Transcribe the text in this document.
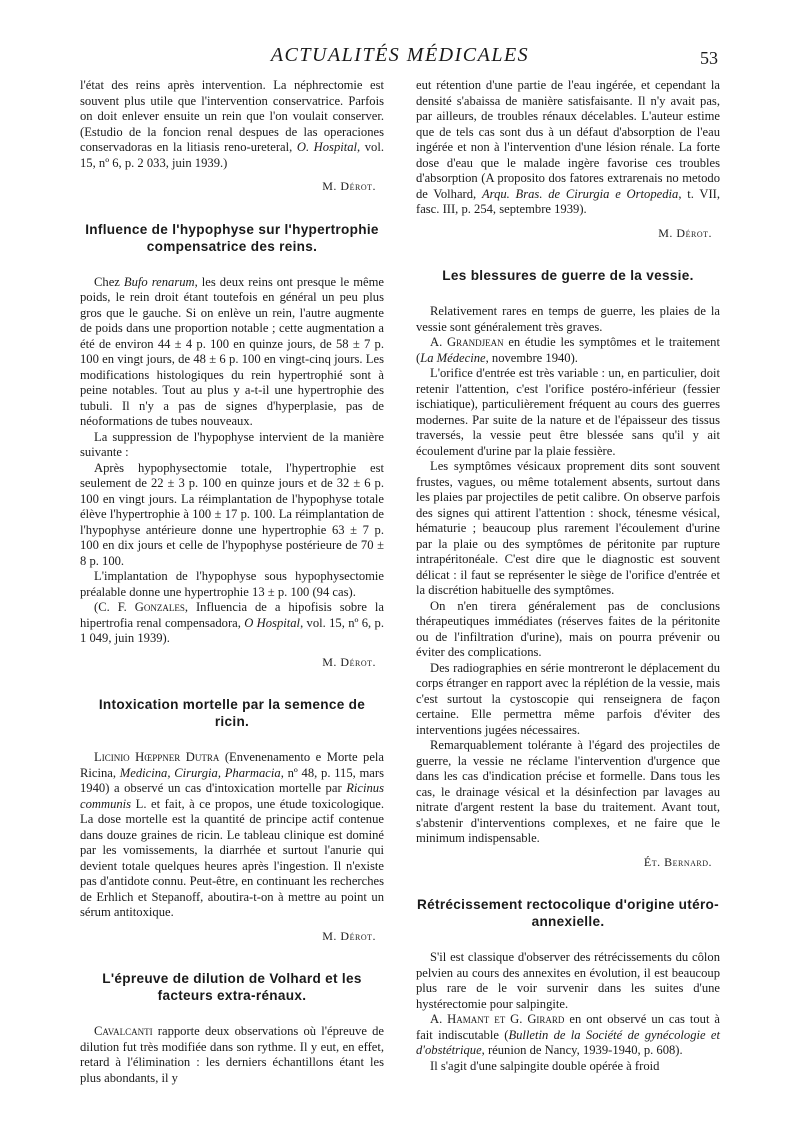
ACTUALITÉS MÉDICALES	53

l'état des reins après intervention. La néphrectomie est souvent plus utile que l'intervention conservatrice. Parfois on doit enlever ensuite un rein que l'on voulait conserver. (Estudio de la foncion renal despues de las operaciones conservadoras en la litiasis reno-ureteral, O. Hospital, vol. 15, nº 6, p. 2 033, juin 1939.)

M. Dérot.
Influence de l'hypophyse sur l'hypertrophie compensatrice des reins.

Chez Bufo renarum, les deux reins ont presque le même poids, le rein droit étant toutefois en général un peu plus gros que le gauche. Si on enlève un rein, l'autre augmente de poids dans une proportion notable ; cette augmentation a été de environ 44 ± 4 p. 100 en quinze jours, de 58 ± 7 p. 100 en vingt jours, de 48 ± 6 p. 100 en vingt-cinq jours. Les modifications histologiques du rein hypertrophié sont à peine notables. Tout au plus y a-t-il une hypertrophie des tubuli. Il n'y a pas de signes d'hyperplasie, pas de néoformations de tubes nouveaux.

La suppression de l'hypophyse intervient de la manière suivante :

Après hypophysectomie totale, l'hypertrophie est seulement de 22 ± 3 p. 100 en quinze jours et de 32 ± 6 p. 100 en vingt jours. La réimplantation de l'hypophyse totale élève l'hypertrophie à 100 ± 17 p. 100. La réimplantation de l'hypophyse antérieure donne une hypertrophie 63 ± 7 p. 100 en dix jours et celle de l'hypophyse postérieure de 70 ± 8 p. 100.

L'implantation de l'hypophyse sous hypophysectomie préalable donne une hypertrophie 13 ± p. 100 (94 cas).

(C. F. Gonzales, Influencia de a hipofisis sobre la hipertrofia renal compensadora, O Hospital, vol. 15, nº 6, p. 1 049, juin 1939).

M. Dérot.
Intoxication mortelle par la semence de ricin.

Licinio Hœppner Dutra (Envenenamento e Morte pela Ricina, Medicina, Cirurgia, Pharmacia, nº 48, p. 115, mars 1940) a observé un cas d'intoxication mortelle par Ricinus communis L. et fait, à ce propos, une étude toxicologique. La dose mortelle est la quantité de principe actif contenue dans douze graines de ricin. Le tableau clinique est dominé par les vomissements, la diarrhée et surtout l'anurie qui devient totale quelques heures après l'ingestion. Il n'existe pas d'antidote connu. Peut-être, en continuant les recherches de Erhlich et Stepanoff, aboutira-t-on à mettre au point un sérum antitoxique.

M. Dérot.
L'épreuve de dilution de Volhard et les facteurs extra-rénaux.

Cavalcanti rapporte deux observations où l'épreuve de dilution fut très modifiée dans son rythme. Il y eut, en effet, retard à l'élimination : les derniers échantillons étant les plus abondants, il y

eut rétention d'une partie de l'eau ingérée, et cependant la densité s'abaissa de manière satisfaisante. Il n'y avait pas, par ailleurs, de troubles rénaux décelables. L'auteur estime que de tels cas sont dus à un défaut d'absorption de l'eau ingérée et non à l'intervention d'une lésion rénale. La forte dose d'eau que le malade ingère favorise ces troubles d'absorption (A proposito dos fatores extrarenais no metodo de Volhard, Arqu. Bras. de Cirurgia e Ortopedia, t. VII, fasc. III, p. 254, septembre 1939).

M. Dérot.
Les blessures de guerre de la vessie.

Relativement rares en temps de guerre, les plaies de la vessie sont généralement très graves.

A. Grandjean en étudie les symptômes et le traitement (La Médecine, novembre 1940).

L'orifice d'entrée est très variable : un, en particulier, doit retenir l'attention, c'est l'orifice postéro-inférieur (fessier ischiatique), particulièrement fréquent au cours des guerres modernes. Par suite de la nature et de l'épaisseur des tissus traversés, la vessie peut être blessée sans qu'il y ait écoulement d'urine par la plaie fessière.

Les symptômes vésicaux proprement dits sont souvent frustes, vagues, ou même totalement absents, surtout dans les plaies par projectiles de petit calibre. On observe parfois des signes qui attirent l'attention : shock, ténesme vésical, hématurie ; beaucoup plus rarement l'écoulement d'urine par la plaie ou des symptômes de péritonite par rupture intrapéritonéale. C'est dire que le diagnostic est souvent délicat : il faut se représenter le siège de l'orifice d'entrée et la discrétion habituelle des symptômes.

On n'en tirera généralement pas de conclusions thérapeutiques immédiates (réserves faites de la péritonite ou de l'infiltration d'urine), mais on pourra prévenir ou éviter des complications.

Des radiographies en série montreront le déplacement du corps étranger en rapport avec la réplétion de la vessie, mais c'est surtout la cystoscopie qui renseignera de façon certaine. Elle permettra même parfois d'éviter des interventions jugées nécessaires.

Remarquablement tolérante à l'égard des projectiles de guerre, la vessie ne réclame l'intervention d'urgence que dans les cas d'indication précise et formelle. Dans tous les cas, le drainage vésical et la désinfection par lavages au nitrate d'argent restent la base du traitement. Avant tout, s'abstenir d'interventions complexes, et ne faire que le minimum indispensable.

Ét. Bernard.
Rétrécissement rectocolique d'origine utéro-annexielle.

S'il est classique d'observer des rétrécissements du côlon pelvien au cours des annexites en évolution, il est beaucoup plus rare de le voir survenir dans les suites d'une hystérectomie pour salpingite.

A. Hamant et G. Girard en ont observé un cas tout à fait indiscutable (Bulletin de la Société de gynécologie et d'obstétrique, réunion de Nancy, 1939-1940, p. 608).

Il s'agit d'une salpingite double opérée à froid
